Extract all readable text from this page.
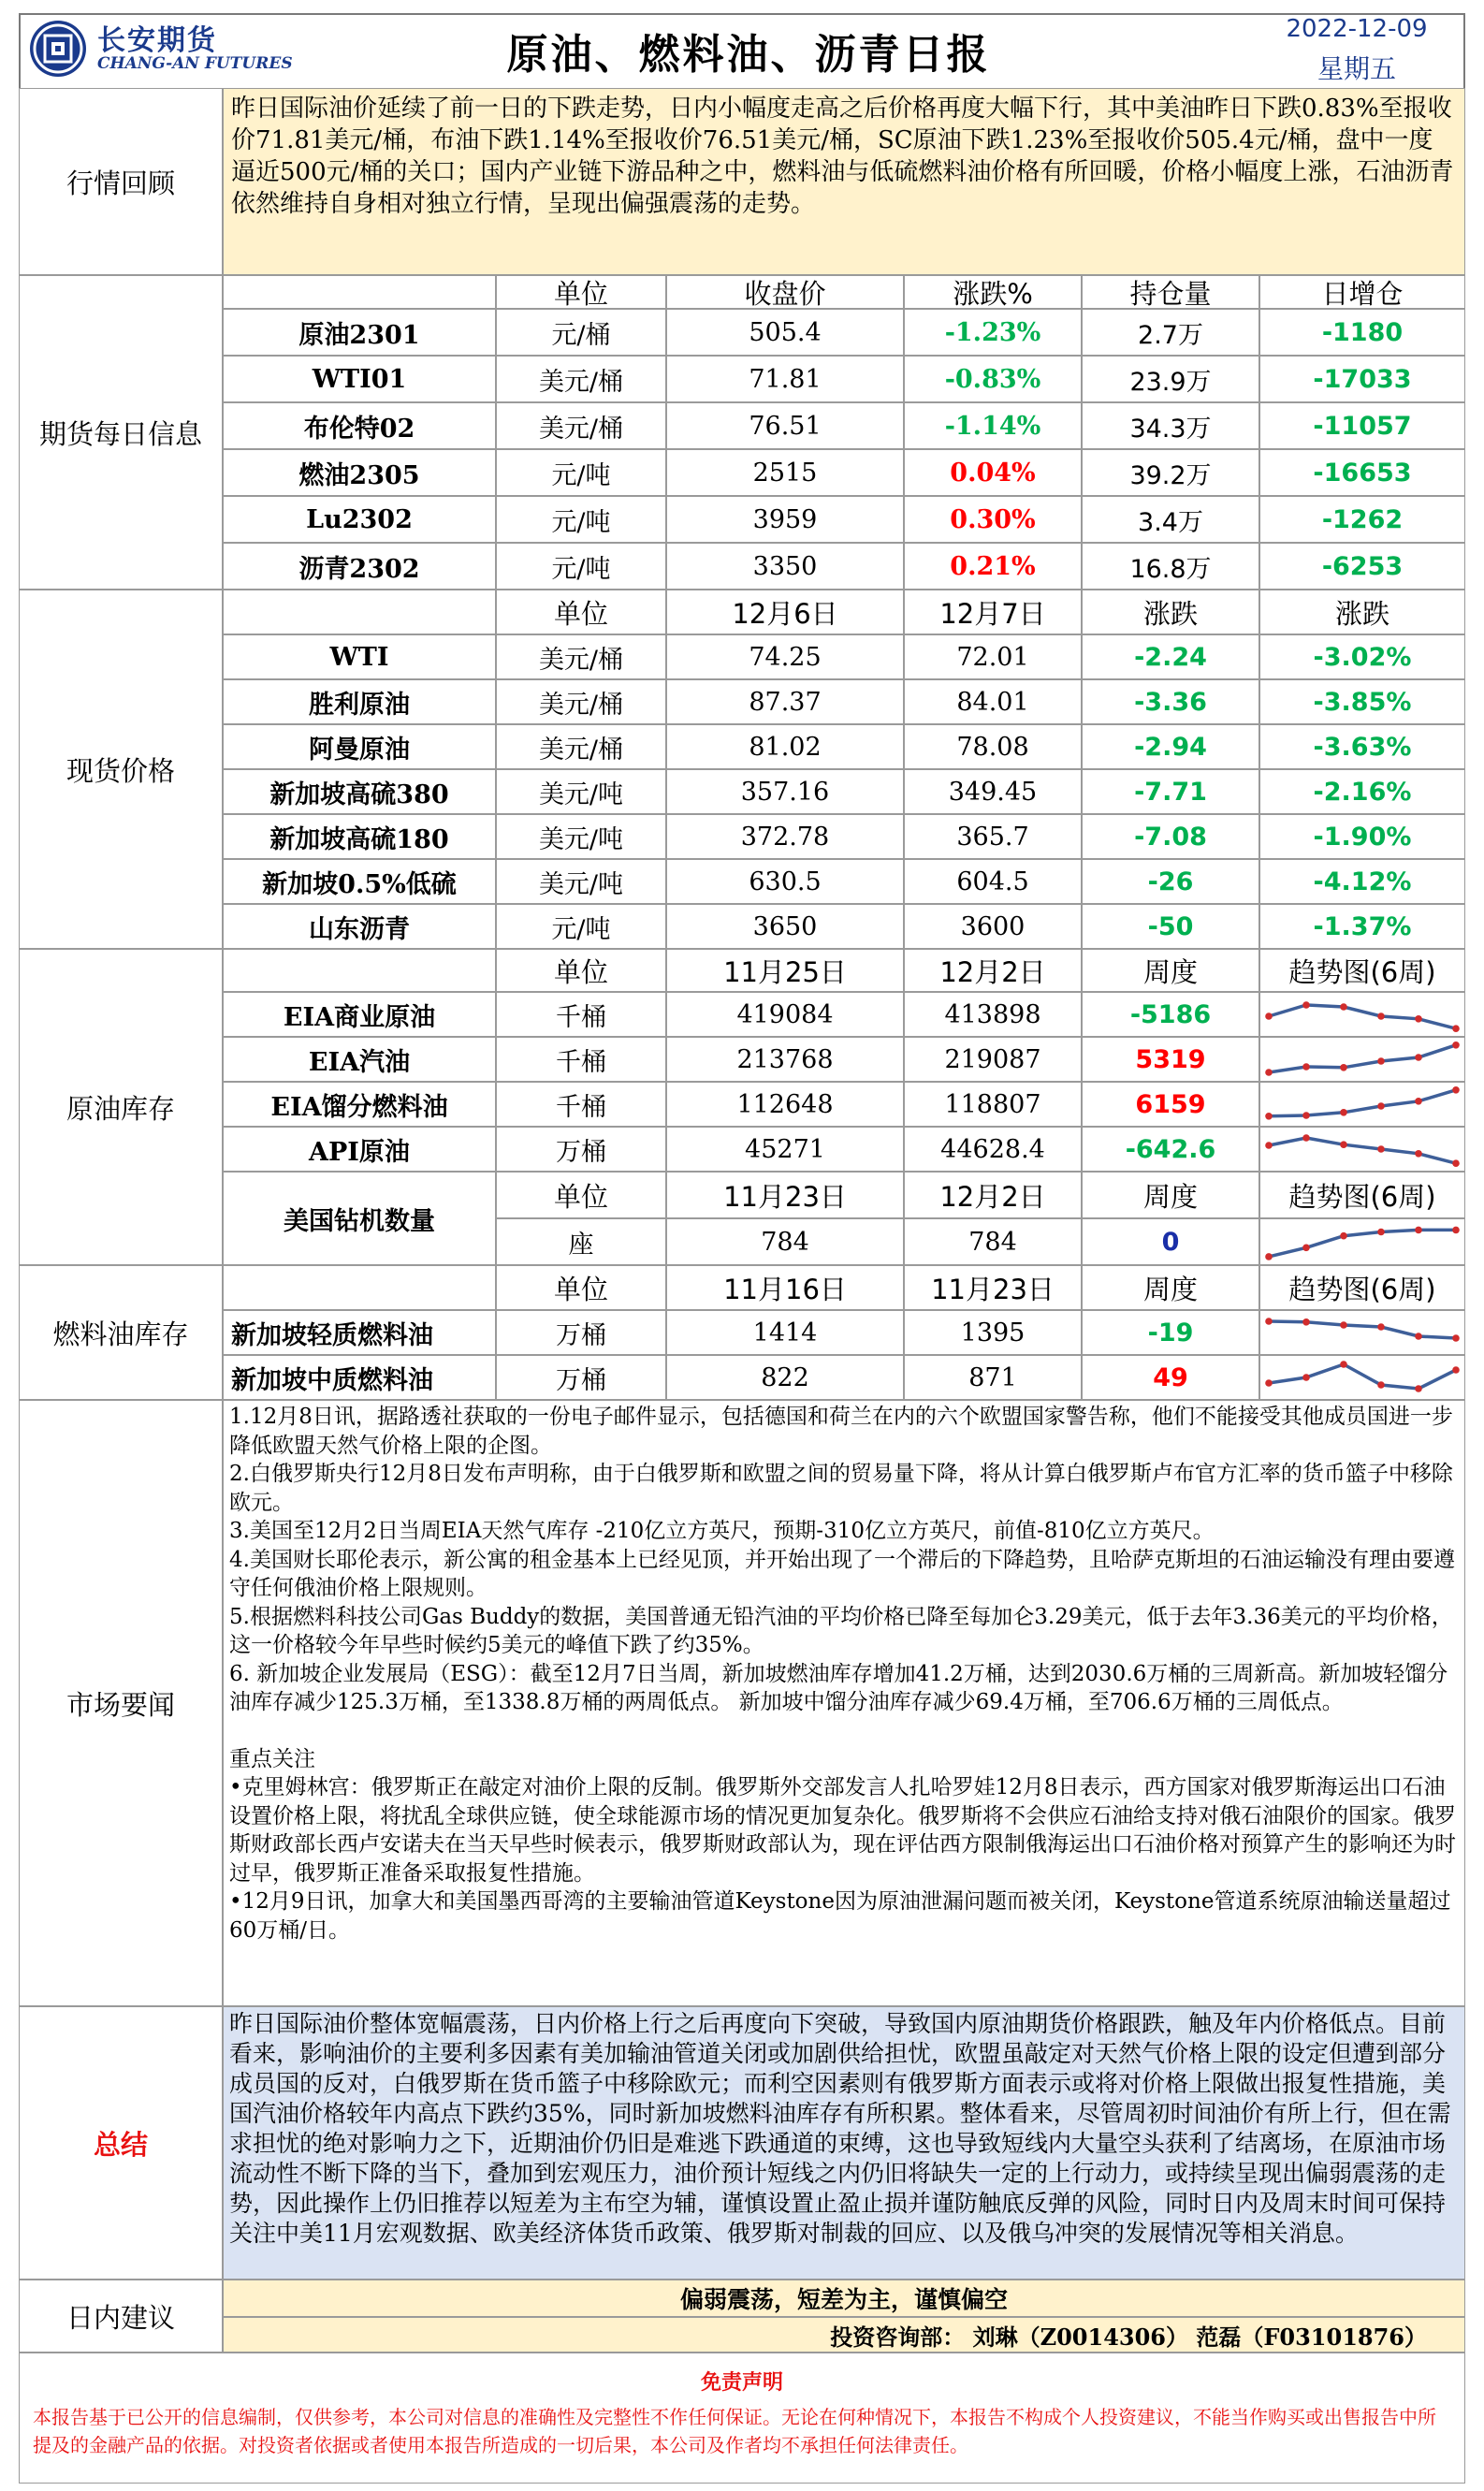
长安期货
CHANG-AN FUTURES	原油、燃料油、沥青日报
2022-12-09
星期五
行情回顾
昨日国际油价延续了前一日的下跌走势，日内小幅度走高之后价格再度大幅下行，其中美油昨日下跌0.83%至报收价71.81美元/桶，布油下跌1.14%至报收价76.51美元/桶，SC原油下跌1.23%至报收价505.4元/桶，盘中一度逼近500元/桶的关口；国内产业链下游品种之中，燃料油与低硫燃料油价格有所回暖，价格小幅度上涨，石油沥青依然维持自身相对独立行情，呈现出偏强震荡的走势。
期货每日信息
单位	收盘价	涨跌%	持仓量	日增仓
原油2301	元/桶	505.4	-1.23%	2.7万	-1180
WTI01	美元/桶	71.81	-0.83%	23.9万	-17033
布伦特02	美元/桶	76.51	-1.14%	34.3万	-11057
燃油2305	元/吨	2515	0.04%	39.2万	-16653
Lu2302	元/吨	3959	0.30%	3.4万	-1262
沥青2302	元/吨	3350	0.21%	16.8万	-6253
现货价格
单位	12月6日	12月7日	涨跌	涨跌
WTI	美元/桶	74.25	72.01	-2.24	-3.02%
胜利原油	美元/桶	87.37	84.01	-3.36	-3.85%
阿曼原油	美元/桶	81.02	78.08	-2.94	-3.63%
新加坡高硫380	美元/吨	357.16	349.45	-7.71	-2.16%
新加坡高硫180	美元/吨	372.78	365.7	-7.08	-1.90%
新加坡0.5%低硫	美元/吨	630.5	604.5	-26	-4.12%
山东沥青	元/吨	3650	3600	-50	-1.37%
原油库存
单位	11月25日	12月2日	周度	趋势图(6周)
EIA商业原油	千桶	419084	413898	-5186
EIA汽油	千桶	213768	219087	5319
EIA馏分燃料油	千桶	112648	118807	6159
API原油	万桶	45271	44628.4	-642.6
美国钻机数量
单位	11月23日	12月2日	周度	趋势图(6周)
座	784	784	0
燃料油库存
单位	11月16日	11月23日	周度	趋势图(6周)
新加坡轻质燃料油	万桶	1414	1395	-19
新加坡中质燃料油	万桶	822	871	49
市场要闻

1.12月8日讯，据路透社获取的一份电子邮件显示，包括德国和荷兰在内的六个欧盟国家警告称，他们不能接受其他成员国进一步降低欧盟天然气价格上限的企图。

2.白俄罗斯央行12月8日发布声明称，由于白俄罗斯和欧盟之间的贸易量下降，将从计算白俄罗斯卢布官方汇率的货币篮子中移除欧元。

3.美国至12月2日当周EIA天然气库存 -210亿立方英尺，预期-310亿立方英尺，前值-810亿立方英尺。

4.美国财长耶伦表示，新公寓的租金基本上已经见顶，并开始出现了一个滞后的下降趋势，且哈萨克斯坦的石油运输没有理由要遵守任何俄油价格上限规则。

5.根据燃料科技公司Gas Buddy的数据，美国普通无铅汽油的平均价格已降至每加仑3.29美元，低于去年3.36美元的平均价格，这一价格较今年早些时候约5美元的峰值下跌了约35%。

6. 新加坡企业发展局（ESG）：截至12月7日当周，新加坡燃油库存增加41.2万桶，达到2030.6万桶的三周新高。新加坡轻馏分油库存减少125.3万桶，至1338.8万桶的两周低点。 新加坡中馏分油库存减少69.4万桶，至706.6万桶的三周低点。

重点关注

•克里姆林宫：俄罗斯正在敲定对油价上限的反制。俄罗斯外交部发言人扎哈罗娃12月8日表示，西方国家对俄罗斯海运出口石油设置价格上限，将扰乱全球供应链，使全球能源市场的情况更加复杂化。俄罗斯将不会供应石油给支持对俄石油限价的国家。俄罗斯财政部长西卢安诺夫在当天早些时候表示，俄罗斯财政部认为，现在评估西方限制俄海运出口石油价格对预算产生的影响还为时过早，俄罗斯正准备采取报复性措施。

•12月9日讯，加拿大和美国墨西哥湾的主要输油管道Keystone因为原油泄漏问题而被关闭，Keystone管道系统原油输送量超过60万桶/日。

总结
昨日国际油价整体宽幅震荡，日内价格上行之后再度向下突破，导致国内原油期货价格跟跌，触及年内价格低点。目前看来，影响油价的主要利多因素有美加输油管道关闭或加剧供给担忧，欧盟虽敲定对天然气价格上限的设定但遭到部分成员国的反对，白俄罗斯在货币篮子中移除欧元；而利空因素则有俄罗斯方面表示或将对价格上限做出报复性措施，美国汽油价格较年内高点下跌约35%，同时新加坡燃料油库存有所积累。整体看来，尽管周初时间油价有所上行，但在需求担忧的绝对影响力之下，近期油价仍旧是难逃下跌通道的束缚，这也导致短线内大量空头获利了结离场，在原油市场流动性不断下降的当下，叠加到宏观压力，油价预计短线之内仍旧将缺失一定的上行动力，或持续呈现出偏弱震荡的走势，因此操作上仍旧推荐以短差为主布空为辅，谨慎设置止盈止损并谨防触底反弹的风险，同时日内及周末时间可保持关注中美11月宏观数据、欧美经济体货币政策、俄罗斯对制裁的回应、以及俄乌冲突的发展情况等相关消息。
日内建议
偏弱震荡，短差为主，谨慎偏空
投资咨询部： 刘琳（Z0014306） 范磊（F03101876）
免责声明
本报告基于已公开的信息编制，仅供参考，本公司对信息的准确性及完整性不作任何保证。无论在何种情况下，本报告不构成个人投资建议，不能当作购买或出售报告中所提及的金融产品的依据。对投资者依据或者使用本报告所造成的一切后果，本公司及作者均不承担任何法律责任。
